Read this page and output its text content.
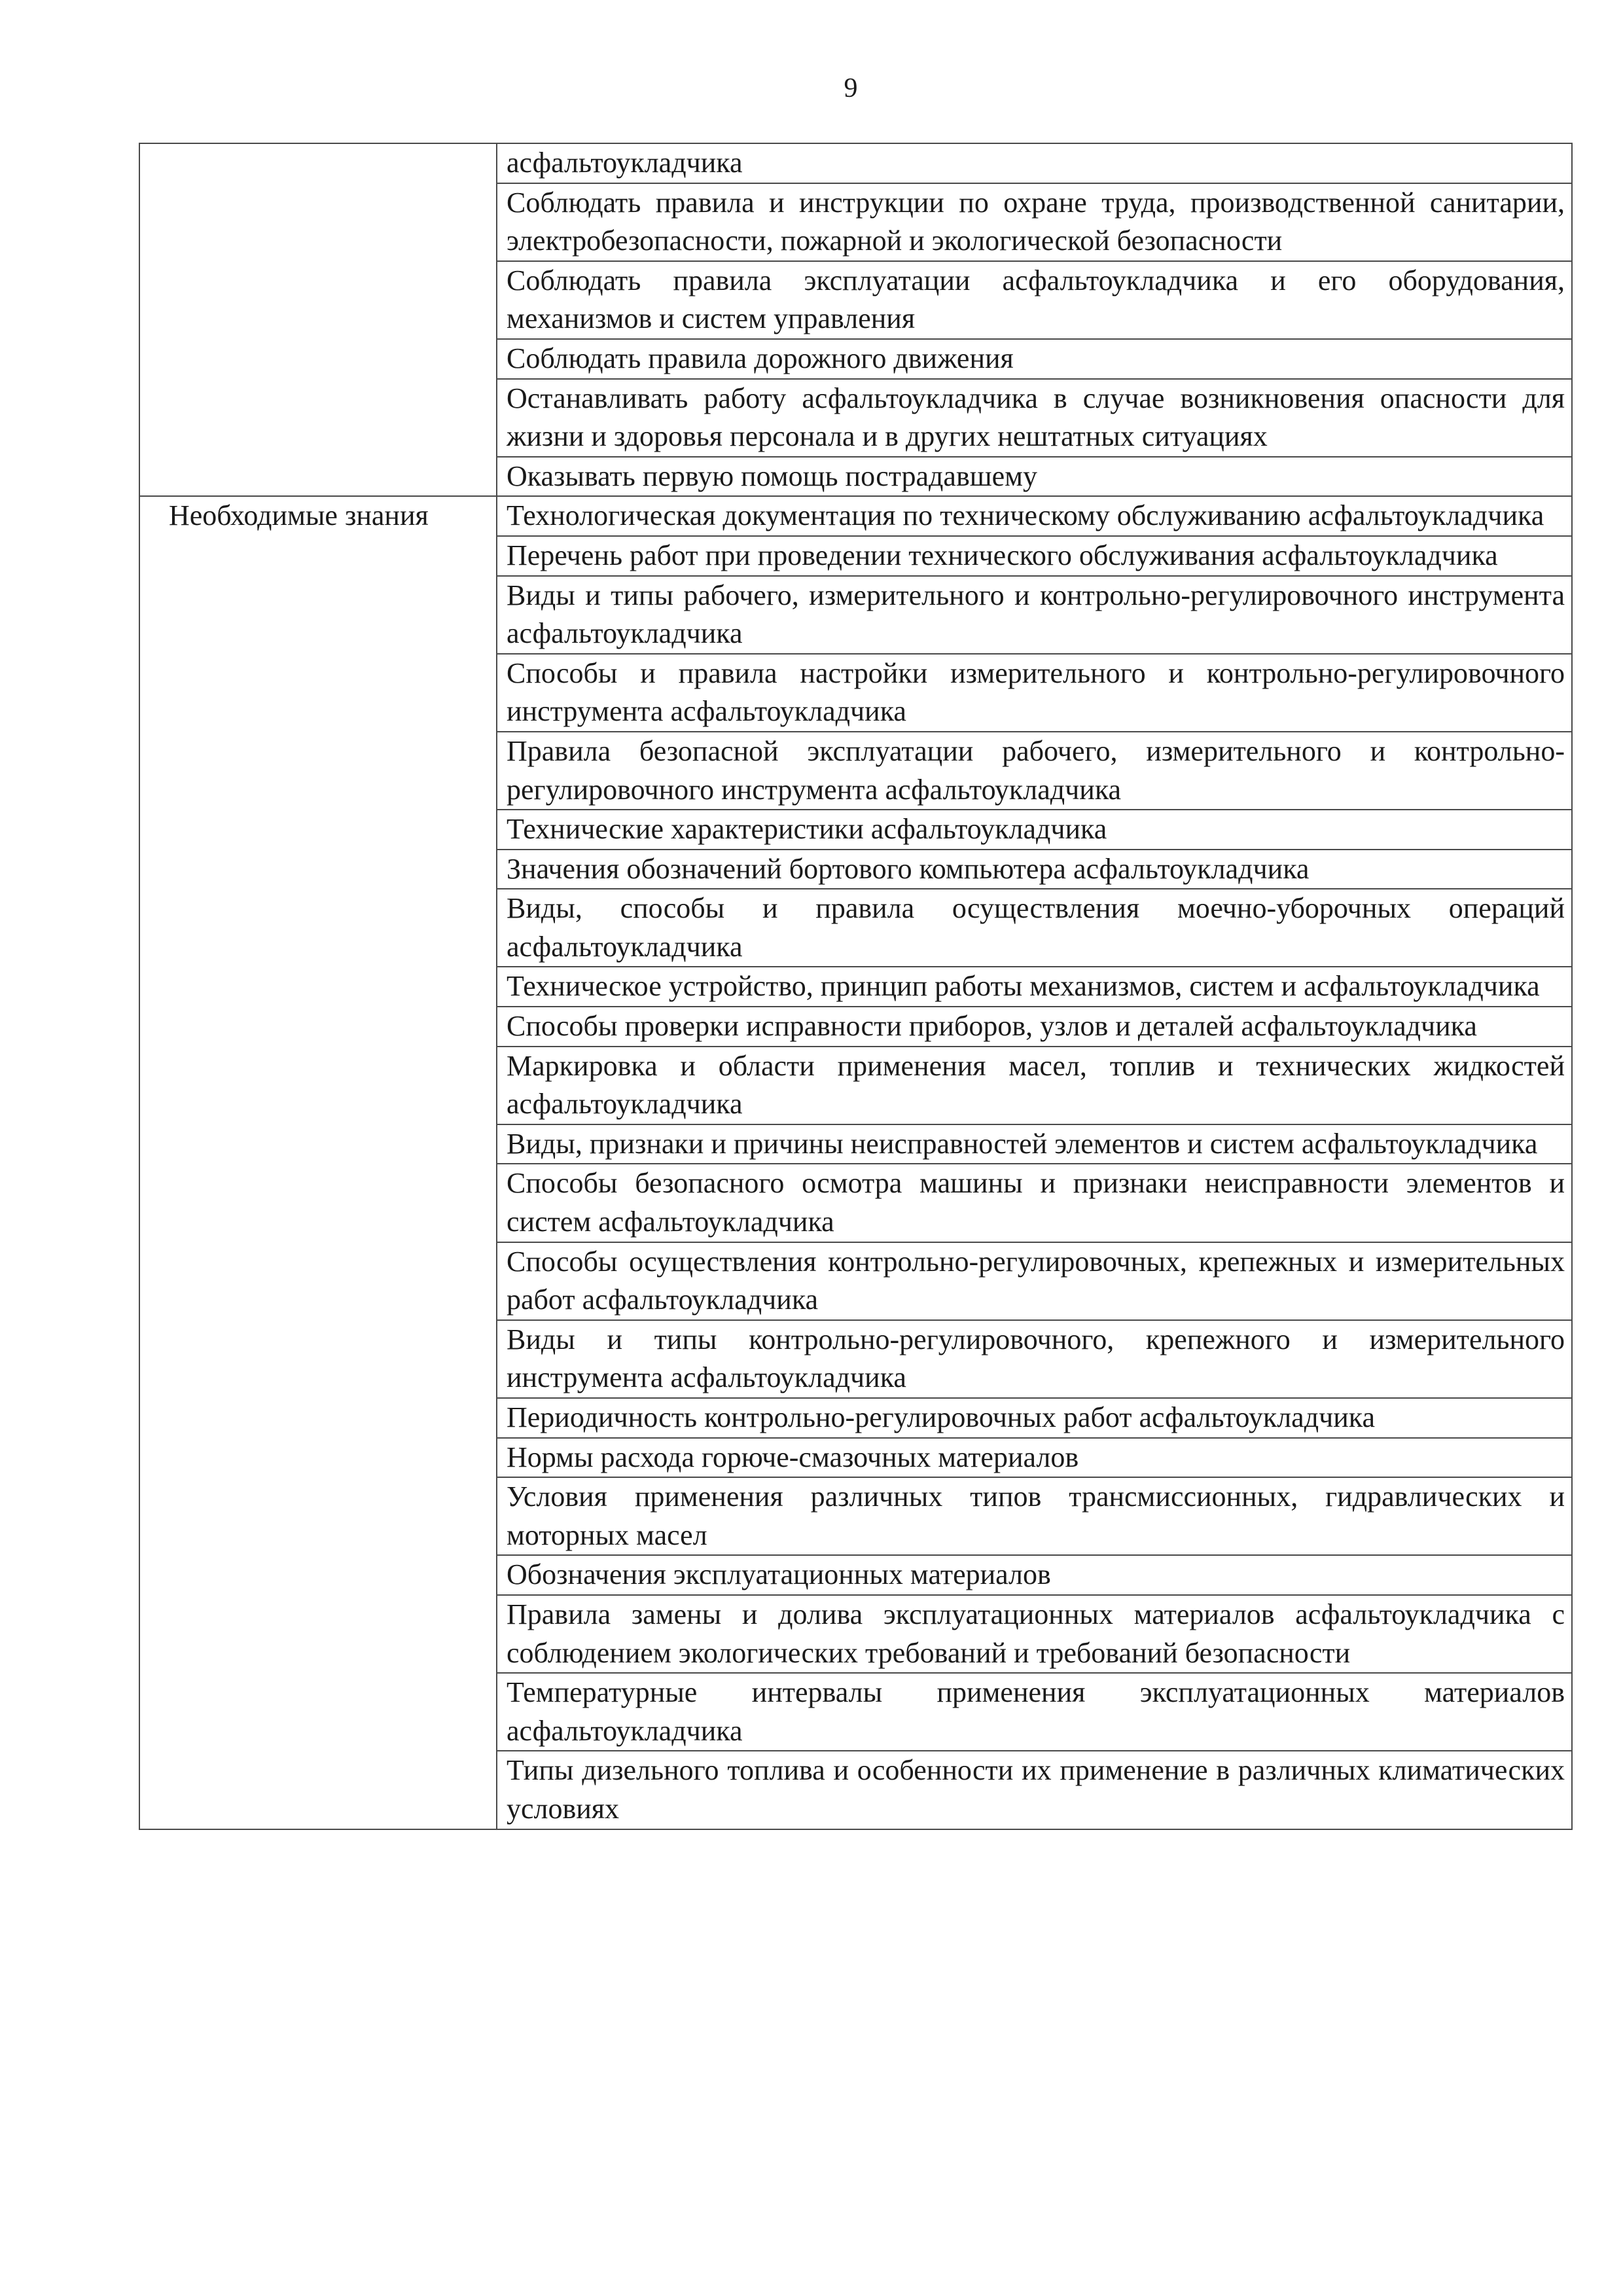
9
	асфальтоукладчика
	Соблюдать правила и инструкции по охране труда, производственной санитарии, электробезопасности, пожарной и экологической безопасности
	Соблюдать правила эксплуатации асфальтоукладчика и его оборудования, механизмов и систем управления
	Соблюдать правила дорожного движения
	Останавливать работу асфальтоукладчика в случае возникновения опасности для жизни и здоровья персонала и в других нештатных ситуациях
	Оказывать первую помощь пострадавшему
Необходимые знания	Технологическая документация по техническому обслуживанию асфальтоукладчика
	Перечень работ при проведении технического обслуживания асфальтоукладчика
	Виды и типы рабочего, измерительного и контрольно-регулировочного инструмента асфальтоукладчика
	Способы и правила настройки измерительного и контрольно-регулировочного инструмента асфальтоукладчика
	Правила безопасной эксплуатации рабочего, измерительного и контрольно-регулировочного инструмента асфальтоукладчика
	Технические характеристики асфальтоукладчика
	Значения обозначений бортового компьютера асфальтоукладчика
	Виды, способы и правила осуществления моечно-уборочных операций асфальтоукладчика
	Техническое устройство, принцип работы механизмов, систем и асфальтоукладчика
	Способы проверки исправности приборов, узлов и деталей асфальтоукладчика
	Маркировка и области применения масел, топлив и технических жидкостей асфальтоукладчика
	Виды, признаки и причины неисправностей элементов и систем асфальтоукладчика
	Способы безопасного осмотра машины и признаки неисправности элементов и систем асфальтоукладчика
	Способы осуществления контрольно-регулировочных, крепежных и измерительных работ асфальтоукладчика
	Виды и типы контрольно-регулировочного, крепежного и измерительного инструмента асфальтоукладчика
	Периодичность контрольно-регулировочных работ асфальтоукладчика
	Нормы расхода горюче-смазочных материалов
	Условия применения различных типов трансмиссионных, гидравлических и моторных масел
	Обозначения эксплуатационных материалов
	Правила замены и долива эксплуатационных материалов асфальтоукладчика с соблюдением экологических требований и требований безопасности
	Температурные интервалы применения эксплуатационных материалов асфальтоукладчика
	Типы дизельного топлива и особенности их применение в различных климатических условиях
